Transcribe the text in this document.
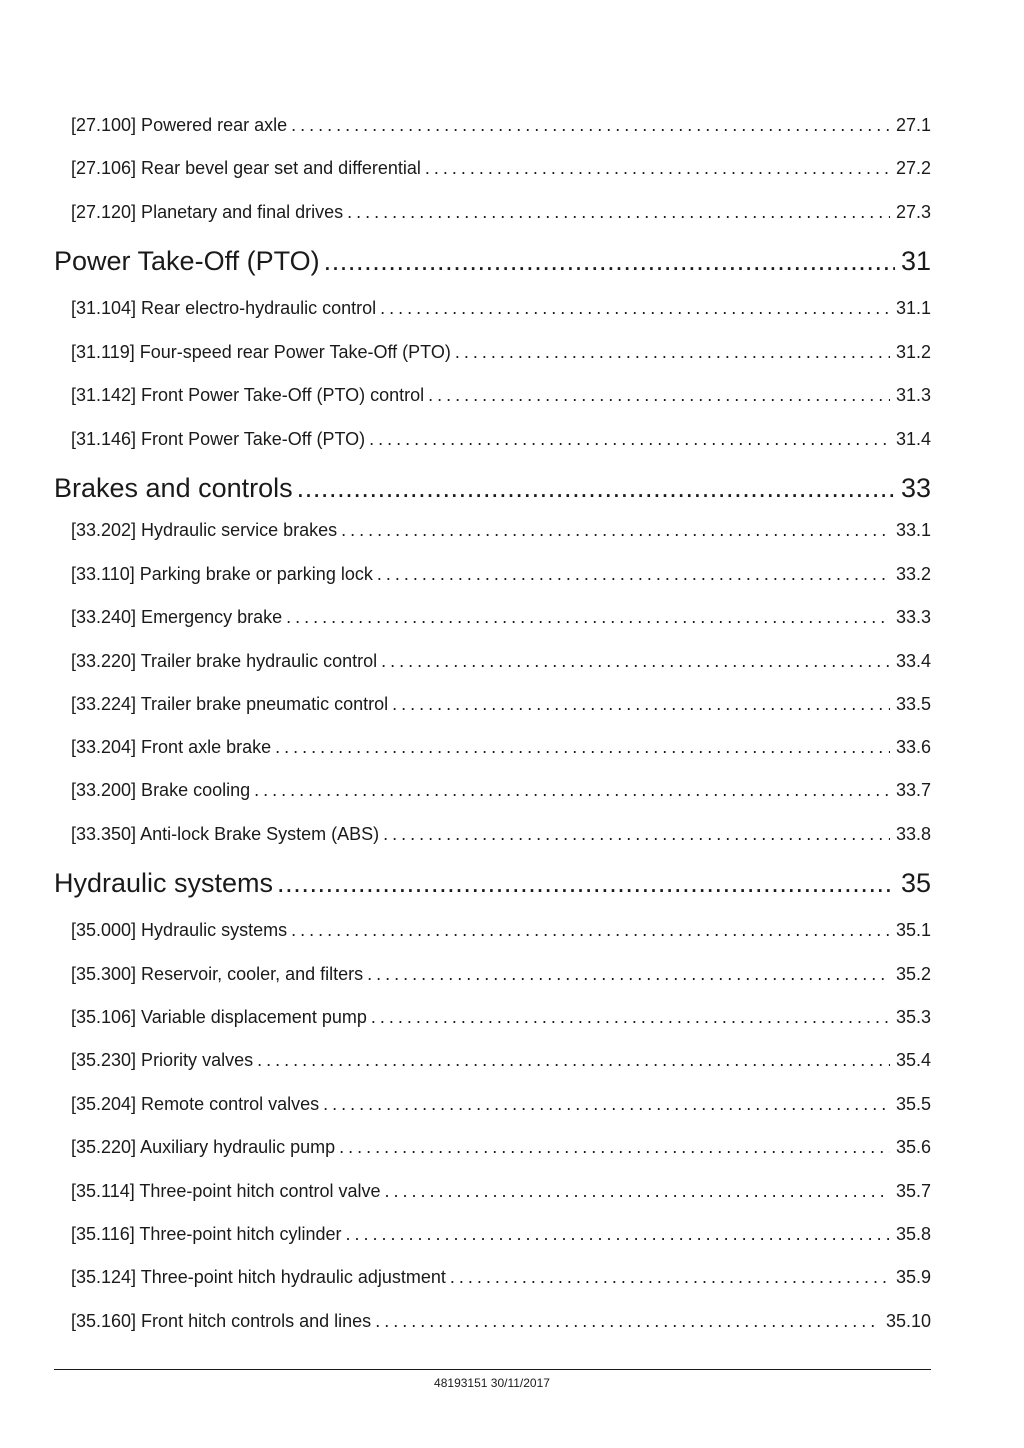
[27.100] Powered rear axle . . .	27.1
[27.106] Rear bevel gear set and differential . . .	27.2
[27.120] Planetary and final drives . . .	27.3
Power Take-Off (PTO) .....	31
[31.104] Rear electro-hydraulic control . . .	31.1
[31.119] Four-speed rear Power Take-Off (PTO) . . .	31.2
[31.142] Front Power Take-Off (PTO) control . . .	31.3
[31.146] Front Power Take-Off (PTO) . . .	31.4
Brakes and controls .....	33
[33.202] Hydraulic service brakes . . .	33.1
[33.110] Parking brake or parking lock . . .	33.2
[33.240] Emergency brake . . .	33.3
[33.220] Trailer brake hydraulic control . . .	33.4
[33.224] Trailer brake pneumatic control . . .	33.5
[33.204] Front axle brake . . .	33.6
[33.200] Brake cooling . . .	33.7
[33.350] Anti-lock Brake System (ABS) . . .	33.8
Hydraulic systems .....	35
[35.000] Hydraulic systems . . .	35.1
[35.300] Reservoir, cooler, and filters . . .	35.2
[35.106] Variable displacement pump . . .	35.3
[35.230] Priority valves . . .	35.4
[35.204] Remote control valves . . .	35.5
[35.220] Auxiliary hydraulic pump . . .	35.6
[35.114] Three-point hitch control valve . . .	35.7
[35.116] Three-point hitch cylinder . . .	35.8
[35.124] Three-point hitch hydraulic adjustment . . .	35.9
[35.160] Front hitch controls and lines . . .	35.10
48193151 30/11/2017
